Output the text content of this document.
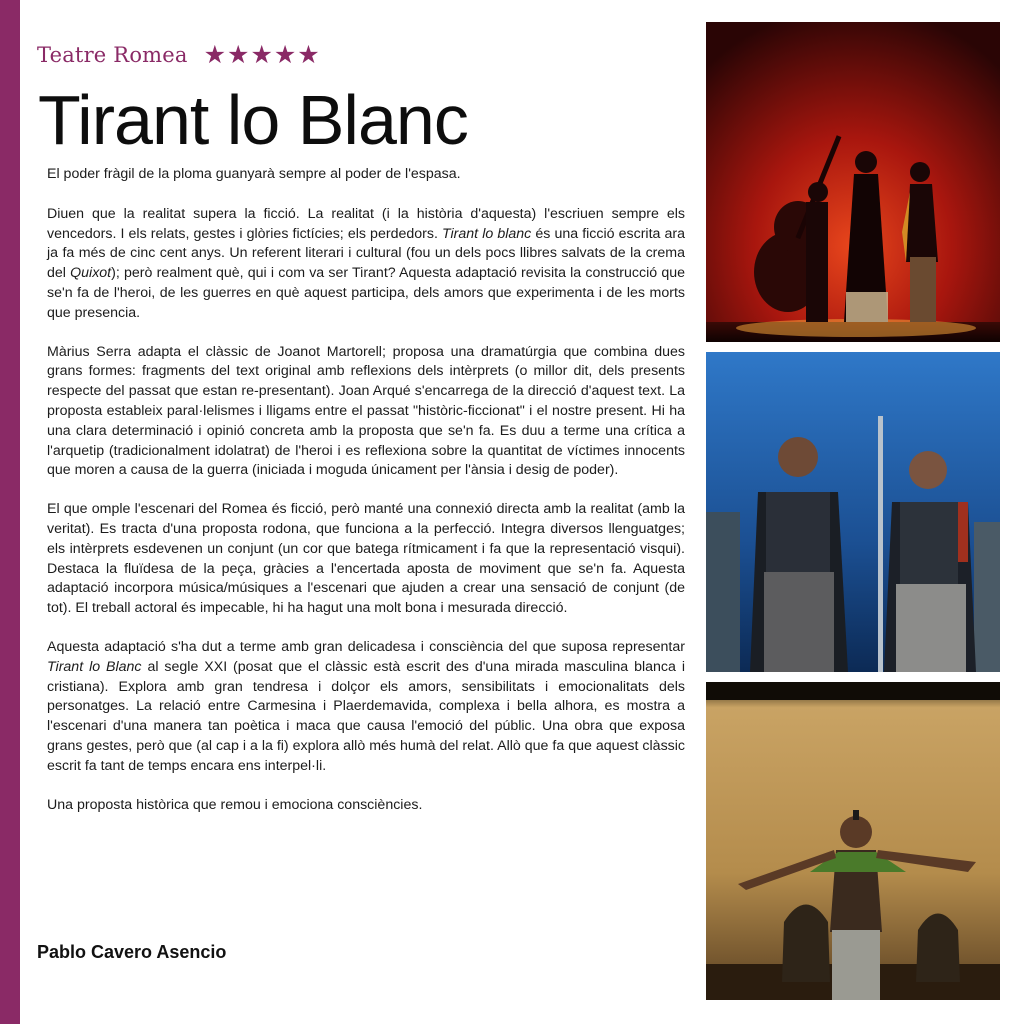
Teatre Romea ★★★★★
Tirant lo Blanc

El poder fràgil de la ploma guanyarà sempre al poder de l'espasa.

Diuen que la realitat supera la ficció. La realitat (i la història d'aquesta) l'escriuen sempre els vencedors. I els relats, gestes i glòries fictícies; els perdedors. Tirant lo blanc és una ficció escrita ara ja fa més de cinc cent anys. Un referent literari i cultural (fou un dels pocs llibres salvats de la crema del Quixot); però realment què, qui i com va ser Tirant? Aquesta adaptació revisita la construcció que se'n fa de l'heroi, de les guerres en què aquest participa, dels amors que experimenta i de les morts que presencia.

Màrius Serra adapta el clàssic de Joanot Martorell; proposa una dramatúrgia que combina dues grans formes: fragments del text original amb reflexions dels intèrprets (o millor dit, dels presents respecte del passat que estan re-presentant). Joan Arqué s'encarrega de la direcció d'aquest text. La proposta estableix paral·lelismes i lligams entre el passat "històric-ficcionat" i el nostre present. Hi ha una clara determinació i opinió concreta amb la proposta que se'n fa. Es duu a terme una crítica a l'arquetip (tradicionalment idolatrat) de l'heroi i es reflexiona sobre la quantitat de víctimes innocents que moren a causa de la guerra (iniciada i moguda únicament per l'ànsia i desig de poder).

El que omple l'escenari del Romea és ficció, però manté una connexió directa amb la realitat (amb la veritat). Es tracta d'una proposta rodona, que funciona a la perfecció. Integra diversos llenguatges; els intèrprets esdevenen un conjunt (un cor que batega rítmicament i fa que la representació visqui). Destaca la fluïdesa de la peça, gràcies a l'encertada aposta de moviment que se'n fa. Aquesta adaptació incorpora música/músiques a l'escenari que ajuden a crear una sensació de conjunt (de tot). El treball actoral és impecable, hi ha hagut una molt bona i mesurada direcció.

Aquesta adaptació s'ha dut a terme amb gran delicadesa i consciència del que suposa representar Tirant lo Blanc al segle XXI (posat que el clàssic està escrit des d'una mirada masculina blanca i cristiana). Explora amb gran tendresa i dolçor els amors, sensibilitats i emocionalitats dels personatges. La relació entre Carmesina i Plaerdemavida, complexa i bella alhora, es mostra a l'escenari d'una manera tan poètica i maca que causa l'emoció del públic. Una obra que exposa grans gestes, però que (al cap i a la fi) explora allò més humà del relat. Allò que fa que aquest clàssic escrit fa tant de temps encara ens interpel·li.

Una proposta històrica que remou i emociona consciències.

Pablo Cavero Asencio
